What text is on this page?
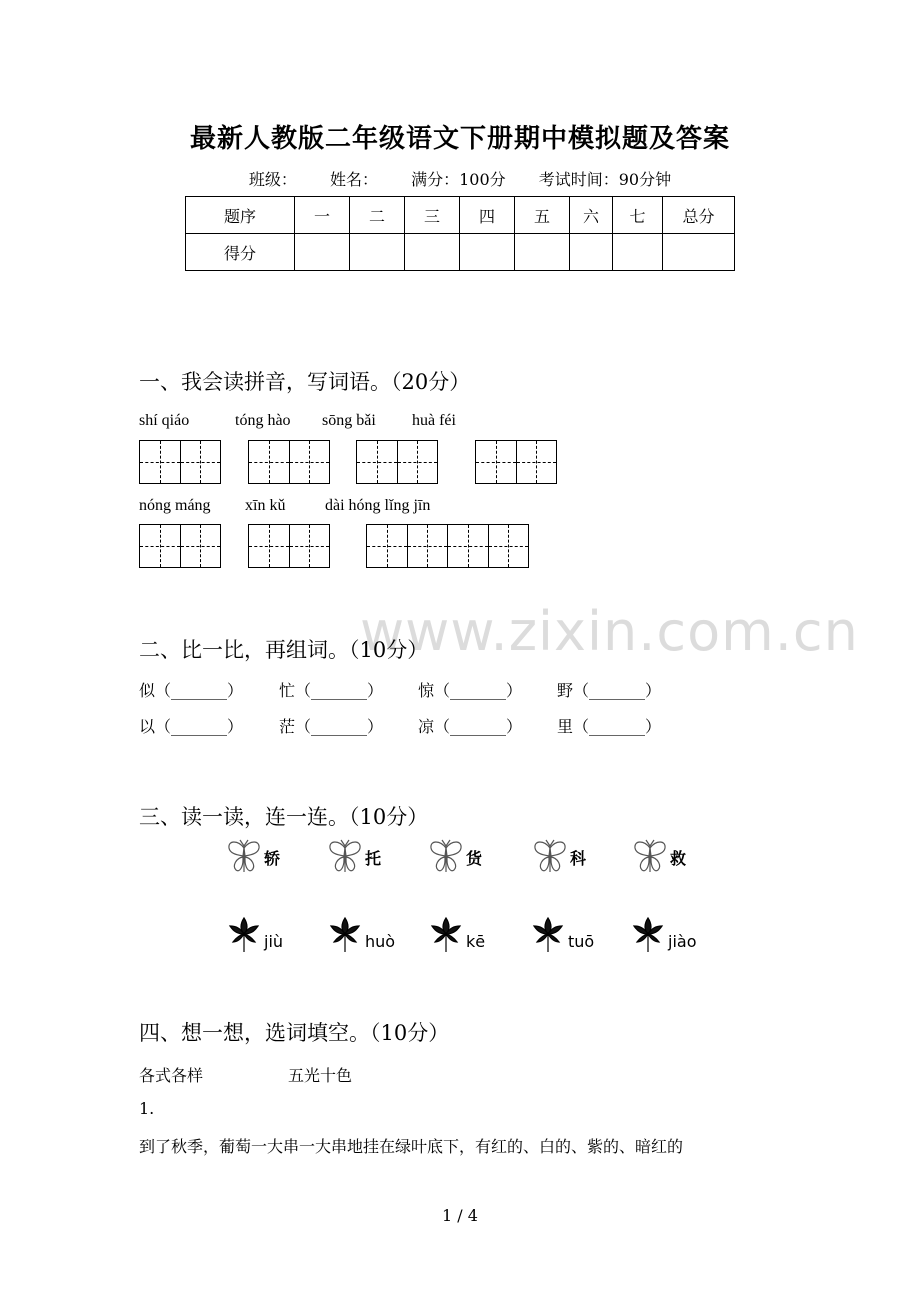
最新人教版二年级语文下册期中模拟题及答案
班级： 姓名： 满分：100分 考试时间：90分钟
题序	一	二	三	四	五	六	七	总分
得分								
一、我会读拼音，写词语。（20分）
shí qiáo	tóng hào sōng bǎi huà féi
nóng máng xīn kǔ dài hóng lǐng jīn
www.zixin.com.cn
二、比一比，再组词。（10分）
似（_______） 忙（_______） 惊（_______） 野（_______）
以（_______） 茫（_______） 凉（_______） 里（_______）
三、读一读，连一连。（10分）
轿	托	货	科	救
jiù	huò	kē	tuō	jiào
四、想一想，选词填空。（10分）
各式各样	五光十色
1.
到了秋季，葡萄一大串一大串地挂在绿叶底下，有红的、白的、紫的、暗红的
1 / 4
